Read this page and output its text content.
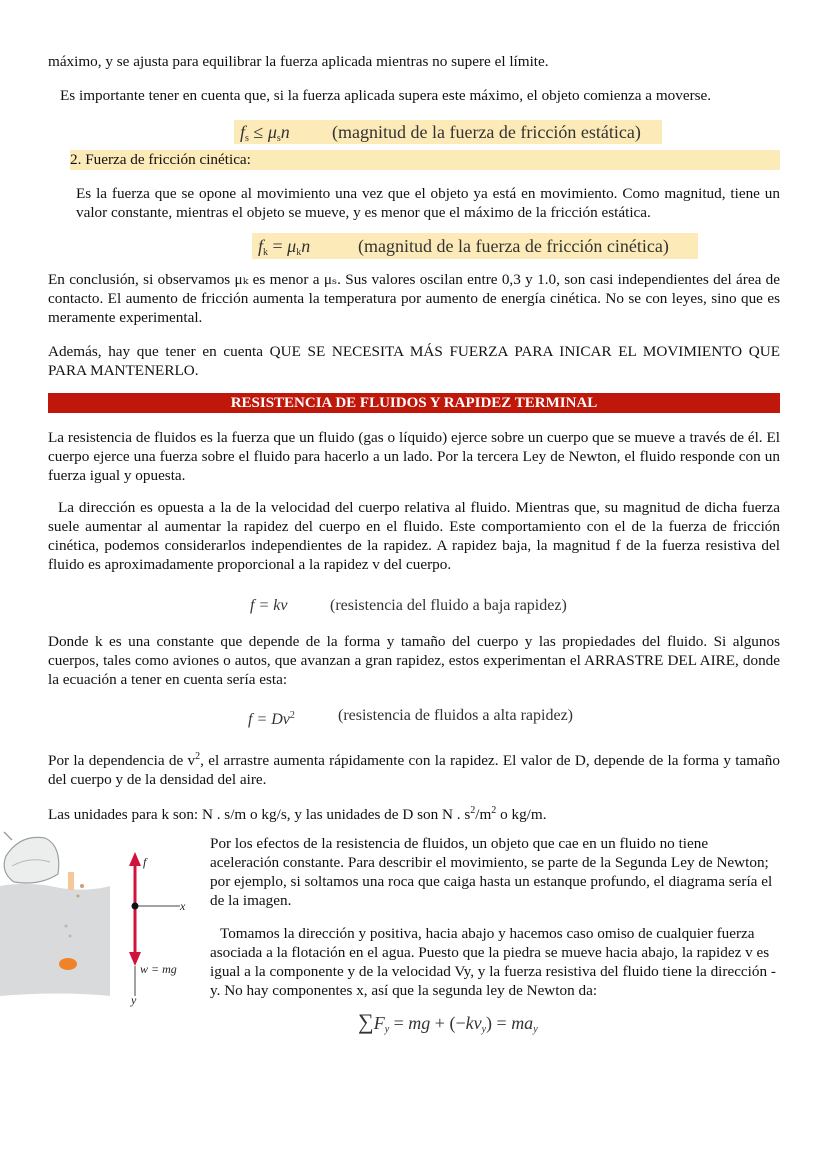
máximo, y se ajusta para equilibrar la fuerza aplicada mientras no supere el límite.

Es importante tener en cuenta que, si la fuerza aplicada supera este máximo, el objeto comienza a moverse.

$f_s \le \mu_sn$ (magnitud de la fuerza de fricción estática)
2. Fuerza de fricción cinética:

Es la fuerza que se opone al movimiento una vez que el objeto ya está en movimiento. Como magnitud, tiene un valor constante, mientras el objeto se mueve, y es menor que el máximo de la fricción estática.

$f_k = \mu_kn$	(magnitud de la fuerza de fricción cinética)

En conclusión, si observamos μₖ es menor a μₛ. Sus valores oscilan entre 0,3 y 1.0, son casi independientes del área de contacto. El aumento de fricción aumenta la temperatura por aumento de energía cinética. No se con leyes, sino que es meramente experimental.

Además, hay que tener en cuenta QUE SE NECESITA MÁS FUERZA PARA INICAR EL MOVIMIENTO QUE PARA MANTENERLO.

RESISTENCIA DE FLUIDOS Y RAPIDEZ TERMINAL

La resistencia de fluidos es la fuerza que un fluido (gas o líquido) ejerce sobre un cuerpo que se mueve a través de él. El cuerpo ejerce una fuerza sobre el fluido para hacerlo a un lado. Por la tercera Ley de Newton, el fluido responde con un fuerza igual y opuesta.

La dirección es opuesta a la de la velocidad del cuerpo relativa al fluido. Mientras que, su magnitud de dicha fuerza suele aumentar al aumentar la rapidez del cuerpo en el fluido. Este comportamiento con el de la fuerza de fricción cinética, podemos considerarlos independientes de la rapidez. A rapidez baja, la magnitud f de la fuerza resistiva del fluido es aproximadamente proporcional a la rapidez v del cuerpo.

f = kv	(resistencia del fluido a baja rapidez)

Donde k es una constante que depende de la forma y tamaño del cuerpo y las propiedades del fluido. Si algunos cuerpos, tales como aviones o autos, que avanzan a gran rapidez, estos experimentan el ARRASTRE DEL AIRE, donde la ecuación a tener en cuenta sería esta:

$f = Dv^2$	(resistencia de fluidos a alta rapidez)

Por la dependencia de $v^2$, el arrastre aumenta rápidamente con la rapidez. El valor de D, depende de la forma y tamaño del cuerpo y de la densidad del aire.

Las unidades para k son: N . s/m o kg/s, y las unidades de D son N . $s^2/m^2$ o kg/m.

f
x
w = mg
y

Por los efectos de la resistencia de fluidos, un objeto que cae en un fluido no tiene aceleración constante. Para describir el movimiento, se parte de la Segunda Ley de Newton; por ejemplo, si soltamos una roca que caiga hasta un estanque profundo, el diagrama sería el de la imagen.

Tomamos la dirección y positiva, hacia abajo y hacemos caso omiso de cualquier fuerza asociada a la flotación en el agua. Puesto que la piedra se mueve hacia abajo, la rapidez v es igual a la componente y de la velocidad Vy, y la fuerza resistiva del fluido tiene la dirección -y. No hay componentes x, así que la segunda ley de Newton da:

$\sum F_y$ = mg + $(-kv_y) = ma_y$
